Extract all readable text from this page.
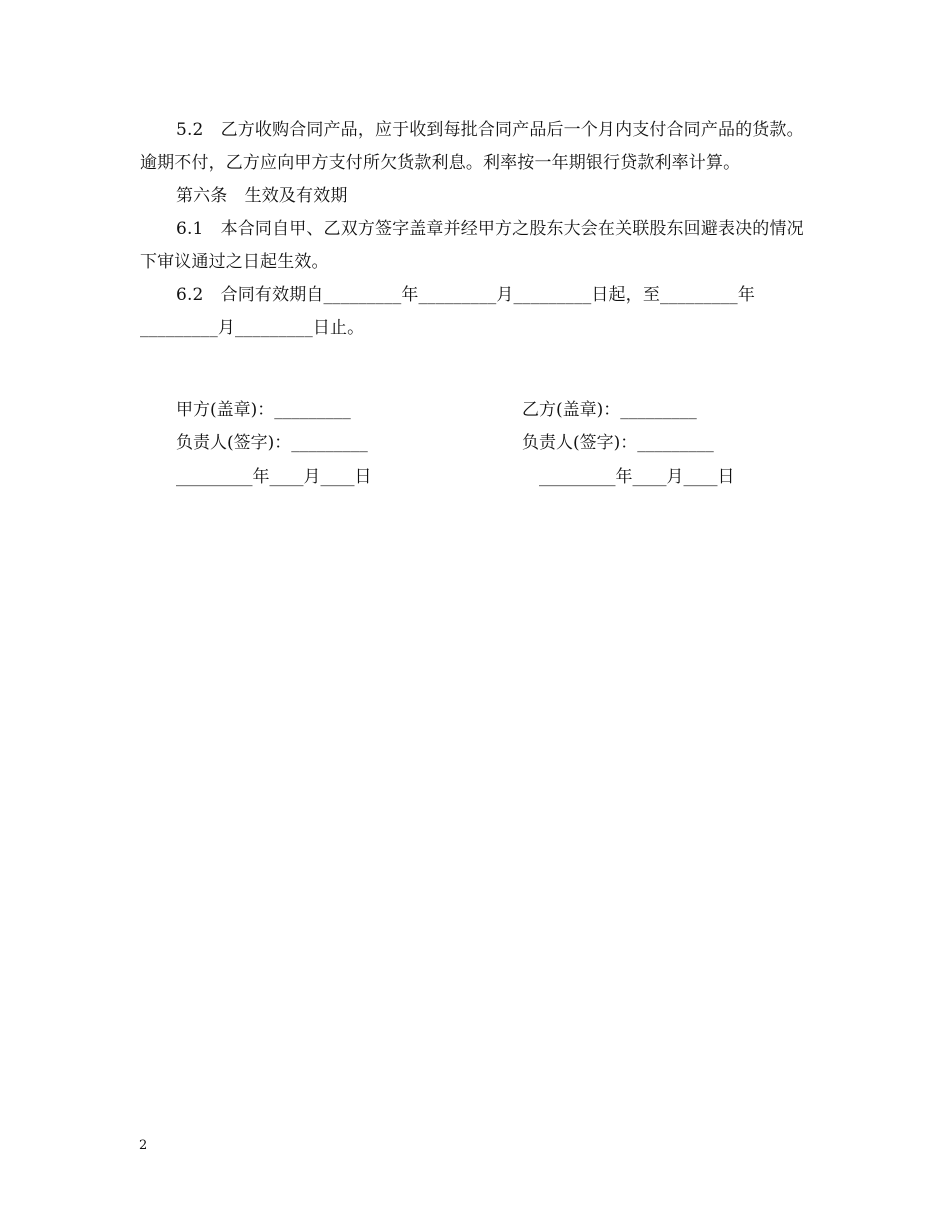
5.2　乙方收购合同产品，应于收到每批合同产品后一个月内支付合同产品的货款。逾期不付，乙方应向甲方支付所欠货款利息。利率按一年期银行贷款利率计算。

第六条　生效及有效期

6.1　本合同自甲、乙双方签字盖章并经甲方之股东大会在关联股东回避表决的情况下审议通过之日起生效。

6.2　合同有效期自_________年_________月_________日起，至_________年_________月_________日止。

甲方(盖章)：_________	乙方(盖章)：_________
负责人(签字)：_________	负责人(签字)：_________
_________年____月____日	_________年____月____日
2
